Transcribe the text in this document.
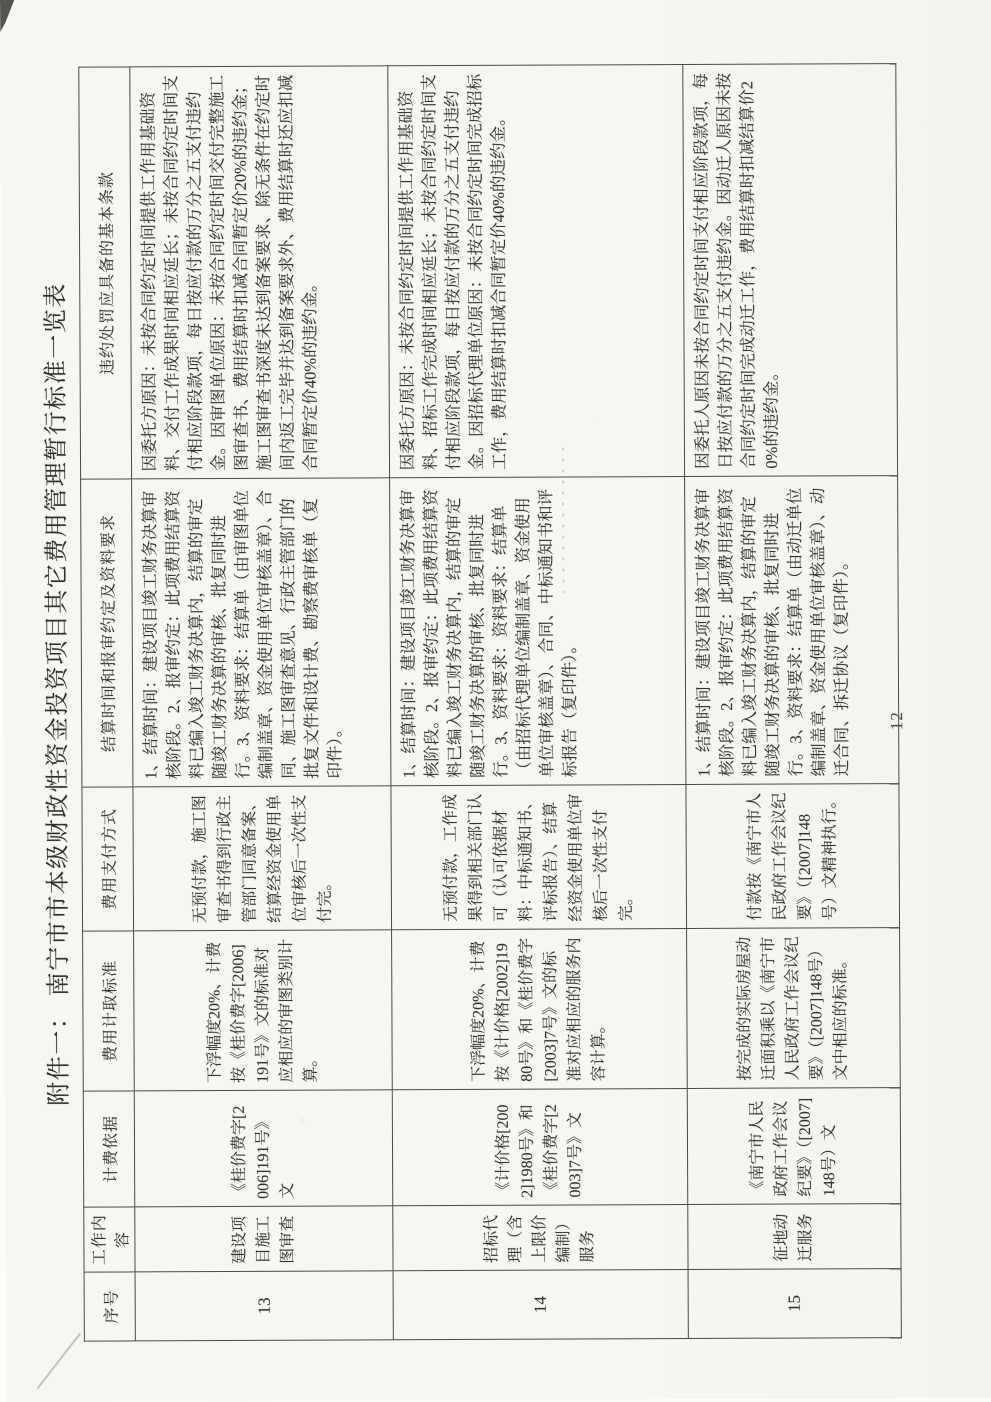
附件一： 南宁市市本级财政性资金投资项目其它费用管理暂行标准一览表
序号	工作内容	计费依据	费用计取标准	费用支付方式	结算时间和报审约定及资料要求	违约处罚应具备的基本条款
13	建设项目施工图审查	《桂价费字[2006]191号》文	下浮幅度20%、计费按《桂价费字[2006]191号》文的标准对应相应的审图类别计算。	无预付款，施工图审查书得到行政主管部门同意备案、结算经资金使用单位审核后一次性支付完。	1、结算时间：建设项目竣工财务决算审核阶段。2、报审约定：此项费用结算资料已编入竣工财务决算内，结算的审定随竣工财务决算的审核、批复同时进行。3、资料要求：结算单（由审图单位编制盖章、资金使用单位审核盖章）、合同、施工图审查意见、行政主管部门的批复文件和设计费、勘察费审核单（复印件）。	因委托方原因：未按合同约定时间提供工作用基础资料、交付工作成果时间相应延长；未按合同约定时间支付相应阶段款项，每日按应付款的万分之五支付违约金。因审图单位原因：未按合同约定时间交付完整施工图审查书、费用结算时扣减合同暂定价20%的违约金；施工图审查书深度未达到备案要求、除无条件在约定时间内返工完毕并达到备案要求外、费用结算时还应扣减合同暂定价40%的违约金。
14	招标代理（含上限价编制）服务	《计价格[2002]1980号》和《桂价费字[2003]7号》文	下浮幅度20%、计费按《计价格[2002]1980号》和《桂价费字[2003]7号》文的标准对应相应的服务内容计算。	无预付款，工作成果得到相关部门认可（认可依据材料：中标通知书、评标报告）、结算经资金使用单位审核后一次性支付完。	1、结算时间：建设项目竣工财务决算审核阶段。2、报审约定：此项费用结算资料已编入竣工财务决算内，结算的审定随竣工财务决算的审核、批复同时进行。3、资料要求：资料要求：结算单（由招标代理单位编制盖章、资金使用单位审核盖章）、合同、中标通知书和评标报告（复印件）。	因委托方原因：未按合同约定时间提供工作用基础资料、招标工作完成时间相应延长；未按合同约定时间支付相应阶段款项，每日按应付款的万分之五支付违约金。因招标代理单位原因：未按合同约定时间完成招标工作，费用结算时扣减合同暂定价40%的违约金。
15	征地动迁服务	《南宁市人民政府工作会议纪要》（[2007]148号）文	按完成的实际房屋动迁面积乘以《南宁市人民政府工作会议纪要》（[2007]148号）文中相应的标准。	付款按《南宁市人民政府工作会议纪要》（[2007]148号）文精神执行。	1、结算时间：建设项目竣工财务决算审核阶段。2、报审约定：此项费用结算资料已编入竣工财务决算内，结算的审定随竣工财务决算的审核、批复同时进行。3、资料要求：结算单（由动迁单位编制盖章、资金使用单位审核盖章）、动迁合同、拆迁协议（复印件）。	因委托人原因未按合同约定时间支付相应阶段款项，每日按应付款的万分之五支付违约金。因动迁人原因未按合同约定时间完成动迁工作，费用结算时扣减结算价20%的违约金。
12
